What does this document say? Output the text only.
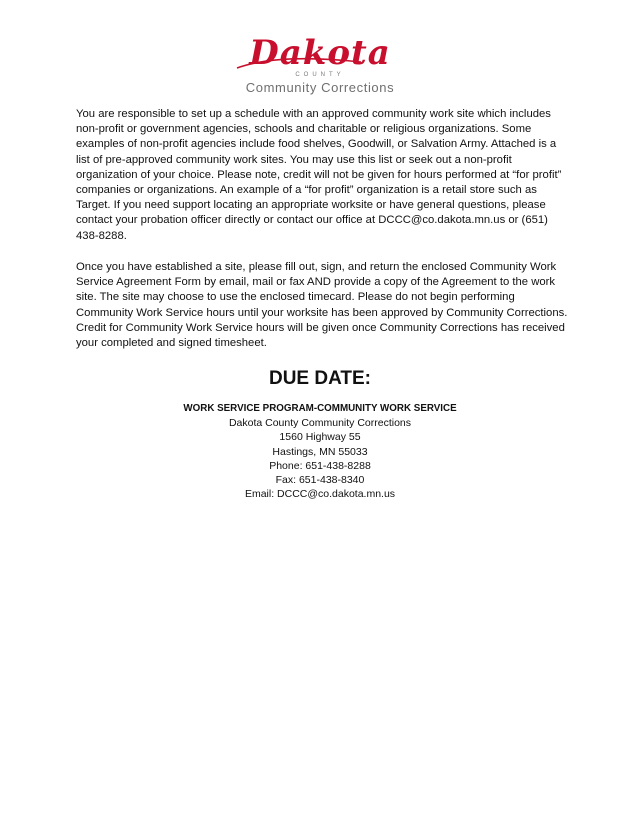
Dakota
COUNTY
Community Corrections

You are responsible to set up a schedule with an approved community work site which includes non-profit or government agencies, schools and charitable or religious organizations. Some examples of non-profit agencies include food shelves, Goodwill, or Salvation Army. Attached is a list of pre-approved community work sites. You may use this list or seek out a non-profit organization of your choice. Please note, credit will not be given for hours performed at “for profit” companies or organizations. An example of a “for profit” organization is a retail store such as Target. If you need support locating an appropriate worksite or have general questions, please contact your probation officer directly or contact our office at DCCC@co.dakota.mn.us or (651) 438-8288.

Once you have established a site, please fill out, sign, and return the enclosed Community Work Service Agreement Form by email, mail or fax AND provide a copy of the Agreement to the work site. The site may choose to use the enclosed timecard. Please do not begin performing Community Work Service hours until your worksite has been approved by Community Corrections. Credit for Community Work Service hours will be given once Community Corrections has received your completed and signed timesheet.

DUE DATE:
WORK SERVICE PROGRAM-COMMUNITY WORK SERVICE
Dakota County Community Corrections
1560 Highway 55
Hastings, MN 55033
Phone: 651-438-8288
Fax: 651-438-8340
Email: DCCC@co.dakota.mn.us
